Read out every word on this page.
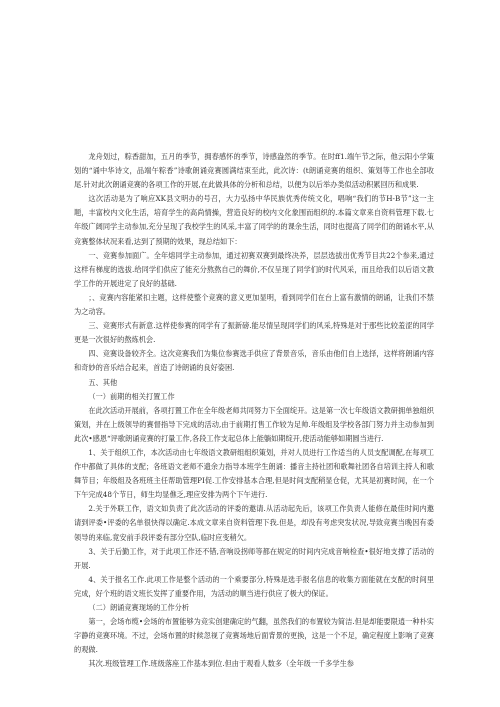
龙舟划过，粽香甜加，五月的季节，拥春感怀的季节，诗感盎然的季节。在时ff1.端午节之际，他云阳小学策划的“诵中华诗文，品端午粽香”诗歌朗诵竞赛圆满结束至此，此次诗：(t朗诵竞赛的组织、策划等工作也全部收尾.针对此次朗诵竞赛的各项工作的开展,在此做具体的分析和总结，以便为以后举办类似活动积累回历和成果.

这次活动是为了响应XK县文明办的号召，大力弘扬中华民族优秀传统文化，唱响“我们的节H-B节”这一主题，丰富校内文化生活，培育学生的高尚情操，营造良好的校内文化象围而组织的.本篇文章来自资料管理下载.七年级广阔同学主动参加,充分呈现了我校学生的风采,丰富了同学的的课余生活，同时也提高了同学们的朗诵水平,从竞赛整体状况来看,达到了预期的效果，现总结如下：

一、竞赛参加面广。全年熔同学主动参加，通过初赛双赛到最终决养，层层选拔出优秀节目共22个参来,通过这样有梯度的选拔.给同学们供应了能充分熬熬自己的舞价,不仅呈现了同学们的时代风采，而且给我们以后语文教学工作的开展进定了良好的基础.

；、竞赛内容能紧扣主题，这样使整个竞赛的意义更加显明，看到同学们在台上富有激情的朗诵，让我们不禁为之动容。

三、竞赛形式有新意.这样使参赛的同学有了振新磅.能尽情呈现同学们的风采,特殊是对于那些比较羞涩的同学更是一次很好的熬炼机会.

四、竞赛设备较齐全。这次竞赛我们为集位参赛选手供应了背景音乐，音乐由他们自上选择，这样将朗诵内容和奇妙的音乐结合起来，首造了诗朗诵的良好姿困.

五、其他

（一）前期的相关打置工作

在此次活动开展前，各项打置工作在全年级老师共同努力下全面绽开。这是第一次七年级语文教研拥单独组织策划，并在上级领导的赛督指导下完成的活动,由于前期打售工作较为足帅.年级组及学校各部门努力并主动参加到此次•感恩“评歌朗诵竞赛的打量工作,各段工作支起总体上能躺如期绽开,使活动能够如期圆当进行.

1、关于组织工作，本次活动由七年级语文教研组组织策划，并对人员进行工作适当的人员支配调配,在每项工作中都做了具体的支配；各班语文老师不遗余力指导本班学生朗诵：播音主持社团和歌舞社团各自培训主持人和歌舞节目；年级组及各班班主任帮助管理PI促.工作安排基本合理,但是时间支配稍显仓促，尤其是初赛时间，在一个下午完成48个节日，师生均显僬乏,理应安排为两个下午进行.

2.关于外联工作，语文如负责了此次活动的评委的邀请.从活动起先后，该项工作负责人能修在最佳时间内邀请到评委•评委的名单很快得以确定.本成文章来自资料管理下我.但是，却没有考虑突发状况,导致竞赛当晚因有委领导的来临,竟安前手段评委有部分空队,临时应变稍欠。

3、关于后勤工作，对于此项工作还不错,音响设拐师等都在规定的时间内完成音响检查•很好地支撑了活动的开展.

4、关于报名工作.此项工作是整个活动的一个乘要部分,特殊是选手报名信息的收集方面能就在支配的时间里完成，好个班的语文班长发挥了重要作用，为活动的顺当进行供应了极大的保证。

（二）朗诵竞赛现场的工作分析

第一，会场布缆•会场的布置能够为竞实创建确定的气翻，虽然我们的布置较为简洁.但是却能要限逍一种朴实字静的竞赛环境。不过，会场布置的时候忽视了竞赛场地后面背景的更换，这是一个不足，确定程度上影响了竞赛的观做.

其次.班级管理工作.班级落座工作基本到位.但由于观看人数多（全年级一千多学生参
